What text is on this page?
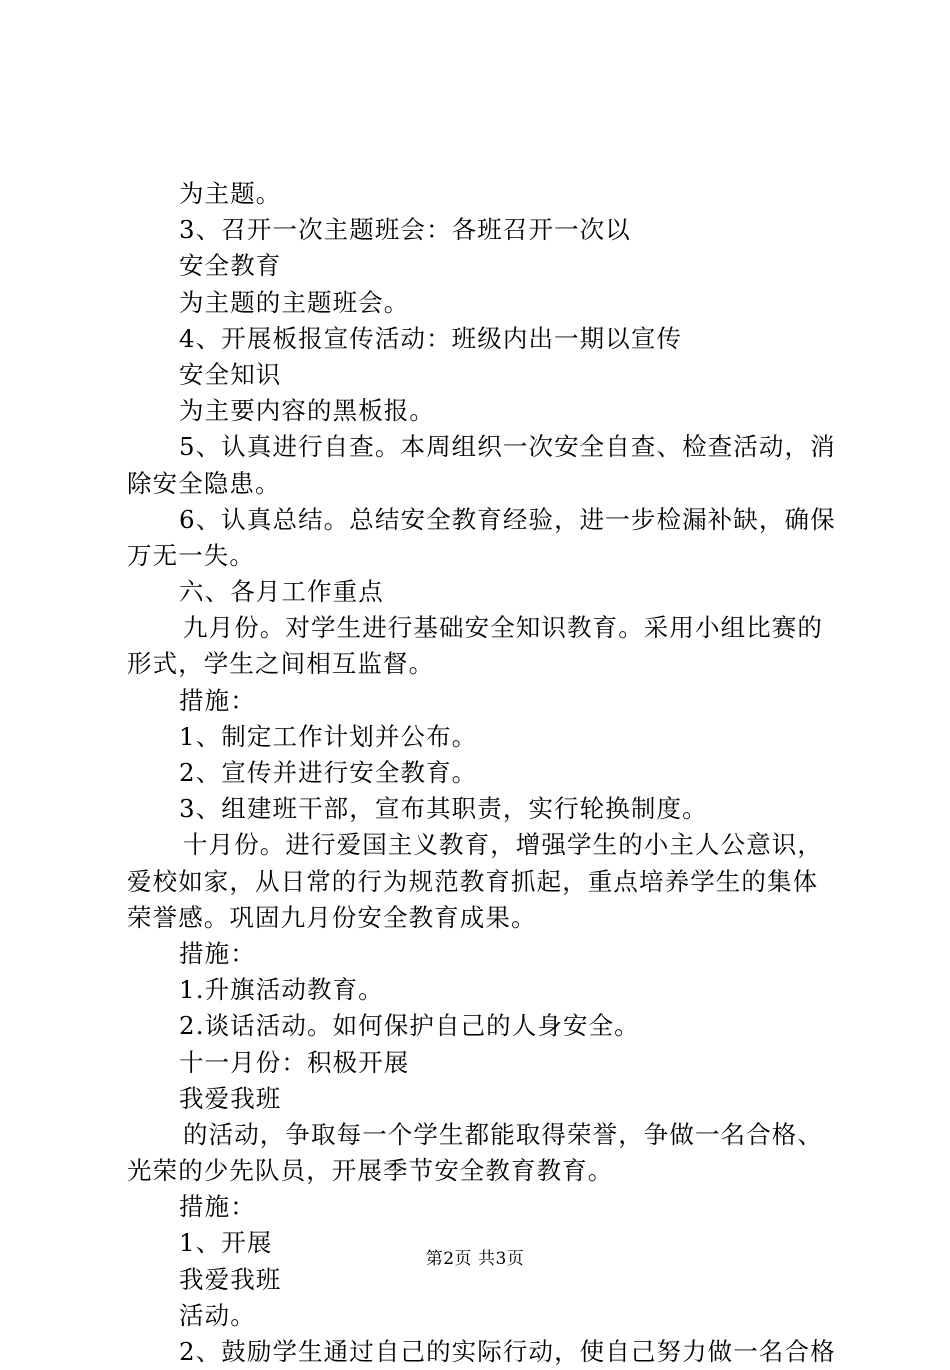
为主题。
3、召开一次主题班会：各班召开一次以
安全教育
为主题的主题班会。
4、开展板报宣传活动：班级内出一期以宣传
安全知识
为主要内容的黑板报。
5、认真进行自查。本周组织一次安全自查、检查活动，消
除安全隐患。
6、认真总结。总结安全教育经验，进一步检漏补缺，确保
万无一失。
六、各月工作重点
九月份。对学生进行基础安全知识教育。采用小组比赛的
形式，学生之间相互监督。
措施：
1、制定工作计划并公布。
2、宣传并进行安全教育。
3、组建班干部，宣布其职责，实行轮换制度。
十月份。进行爱国主义教育，增强学生的小主人公意识，
爱校如家，从日常的行为规范教育抓起，重点培养学生的集体
荣誉感。巩固九月份安全教育成果。
措施：
1.升旗活动教育。
2.谈话活动。如何保护自己的人身安全。
十一月份：积极开展
我爱我班
的活动，争取每一个学生都能取得荣誉，争做一名合格、
光荣的少先队员，开展季节安全教育教育。
措施：
1、开展
我爱我班
活动。
2、鼓励学生通过自己的实际行动，使自己努力做一名合格
第2页 共3页
